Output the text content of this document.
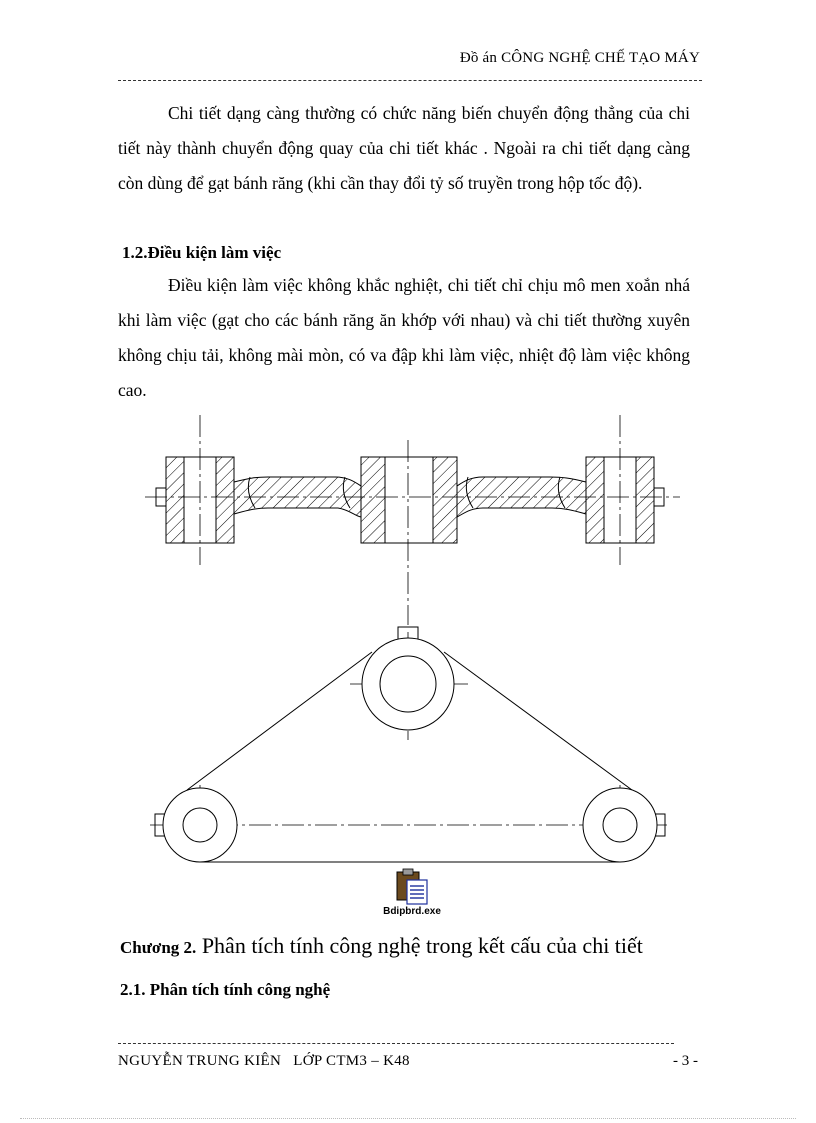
Đồ án CÔNG NGHỆ CHẾ TẠO MÁY
Chi tiết dạng càng thường có chức năng biến chuyển động thẳng của chi tiết này thành chuyển động quay của chi tiết khác . Ngoài ra chi tiết dạng càng còn dùng để gạt bánh răng (khi cần thay đổi tỷ số truyền trong hộp tốc độ).
1.2.Điều kiện làm việc
Điều kiện làm việc không khắc nghiệt, chi tiết chỉ chịu mô men xoắn nhá khi làm việc (gạt cho các bánh răng ăn khớp với nhau) và chi tiết thường xuyên không chịu tải, không mài mòn, có va đập khi làm việc, nhiệt độ làm việc không cao.
Bdipbrd.exe
Chương 2. Phân tích tính công nghệ trong kết cấu của chi tiết
2.1. Phân tích tính công nghệ
NGUYỄN TRUNG KIÊN   LỚP CTM3 – K48	- 3 -
